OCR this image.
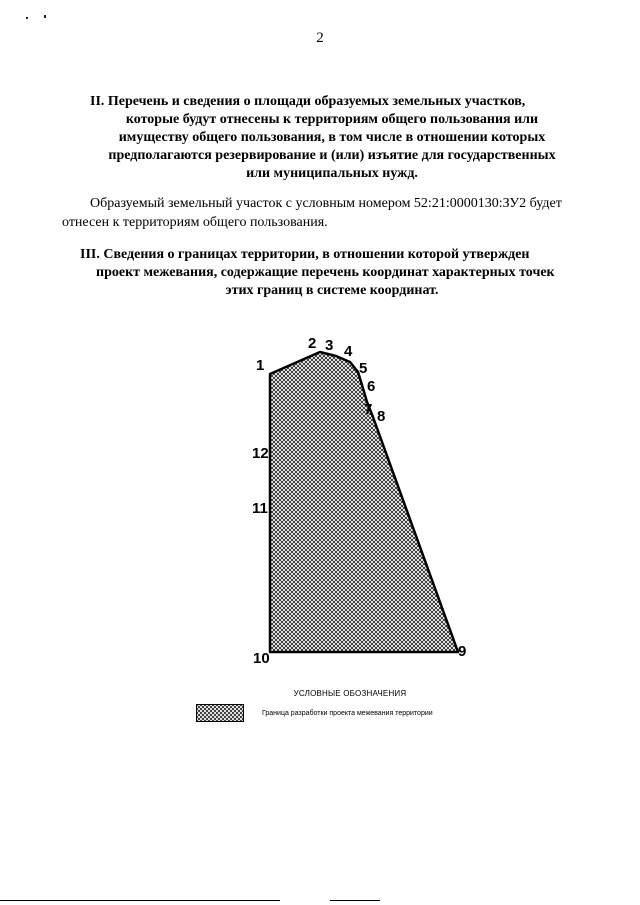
2
II. Перечень и сведения о площади образуемых земельных участков,
которые будут отнесены к территориям общего пользования или
имуществу общего пользования, в том числе в отношении которых
предполагаются резервирование и (или) изъятие для государственных
или муниципальных нужд.
Образуемый земельный участок с условным номером 52:21:0000130:ЗУ2 будет
отнесен к территориям общего пользования.
III. Сведения о границах территории, в отношении которой утвержден
проект межевания, содержащие перечень координат характерных точек
этих границ в системе координат.
1
2 3 4
5
6
7 8
9
10
11
12
УСЛОВНЫЕ ОБОЗНАЧЕНИЯ
Граница разработки проекта межевания территории
